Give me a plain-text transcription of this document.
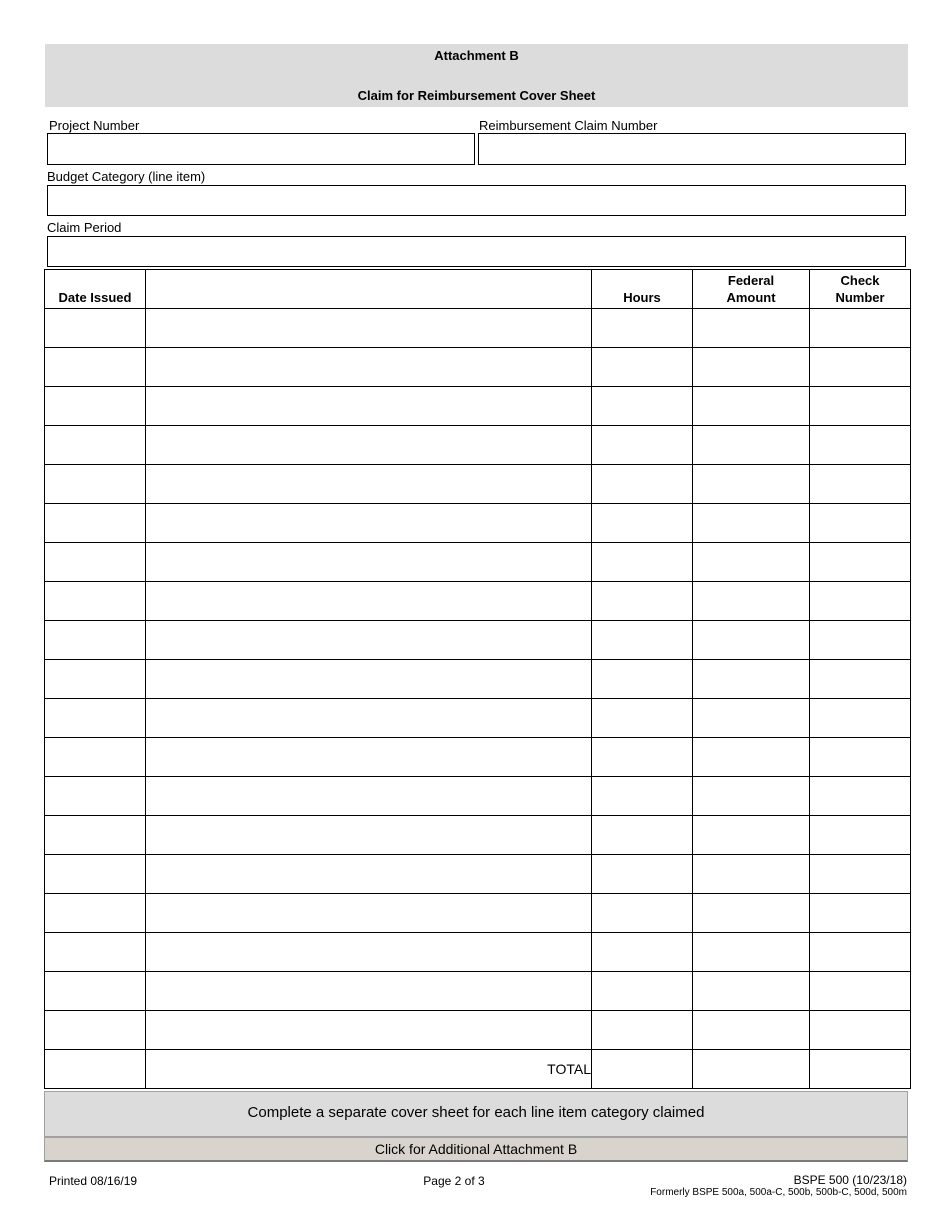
Attachment B
Claim for Reimbursement Cover Sheet
Project Number	Reimbursement Claim Number
Budget Category (line item)
Claim Period
Date Issued		Hours	Federal Amount	Check Number

	TOTAL			
Complete a separate cover sheet for each line item category claimed
Click for Additional Attachment B
Printed 08/16/19	Page 2 of 3	BSPE 500 (10/23/18)
Formerly BSPE 500a, 500a-C, 500b, 500b-C, 500d, 500m
